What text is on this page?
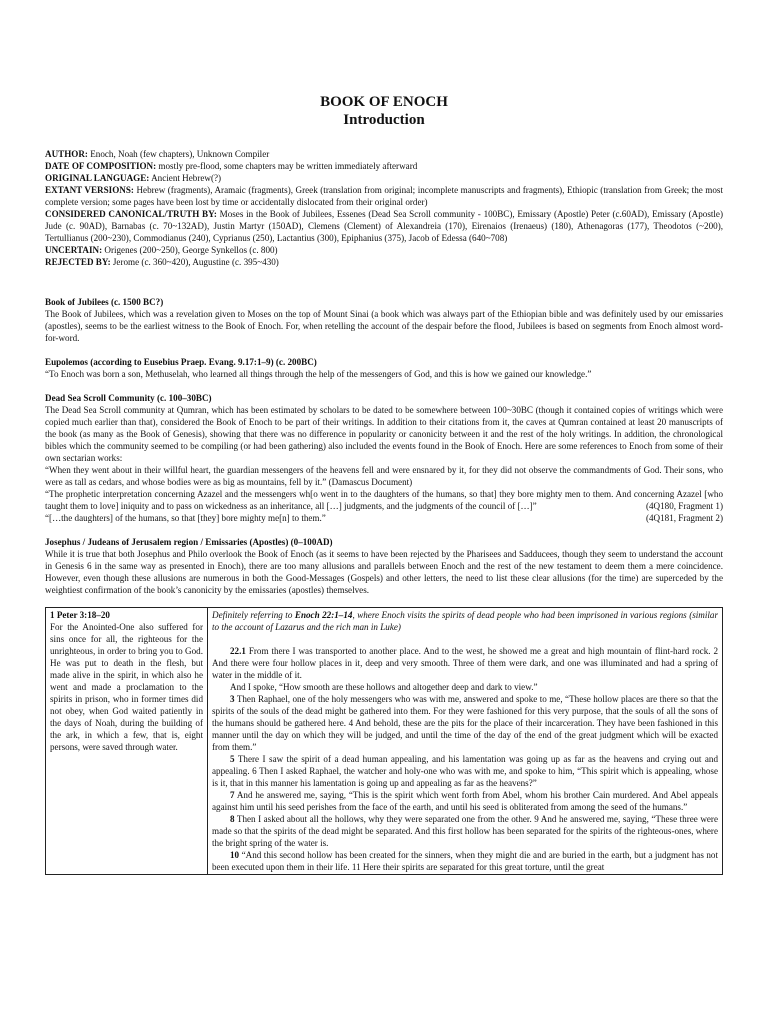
BOOK OF ENOCH
Introduction

AUTHOR: Enoch, Noah (few chapters), Unknown Compiler

DATE OF COMPOSITION: mostly pre-flood, some chapters may be written immediately afterward

ORIGINAL LANGUAGE: Ancient Hebrew(?)

EXTANT VERSIONS: Hebrew (fragments), Aramaic (fragments), Greek (translation from original; incomplete manuscripts and fragments), Ethiopic (translation from Greek; the most complete version; some pages have been lost by time or accidentally dislocated from their original order)

CONSIDERED CANONICAL/TRUTH BY: Moses in the Book of Jubilees, Essenes (Dead Sea Scroll community - 100BC), Emissary (Apostle) Peter (c.60AD), Emissary (Apostle) Jude (c. 90AD), Barnabas (c. 70~132AD), Justin Martyr (150AD), Clemens (Clement) of Alexandreia (170), Eirenaios (Irenaeus) (180), Athenagoras (177), Theodotos (~200), Tertullianus (200~230), Commodianus (240), Cyprianus (250), Lactantius (300), Epiphanius (375), Jacob of Edessa (640~708)

UNCERTAIN: Origenes (200~250), George Synkellos (c. 800)

REJECTED BY: Jerome (c. 360~420), Augustine (c. 395~430)

Book of Jubilees (c. 1500 BC?)

The Book of Jubilees, which was a revelation given to Moses on the top of Mount Sinai (a book which was always part of the Ethiopian bible and was definitely used by our emissaries (apostles), seems to be the earliest witness to the Book of Enoch. For, when retelling the account of the despair before the flood, Jubilees is based on segments from Enoch almost word-for-word.

Eupolemos (according to Eusebius Praep. Evang. 9.17:1–9) (c. 200BC)

“To Enoch was born a son, Methuselah, who learned all things through the help of the messengers of God, and this is how we gained our knowledge.”

Dead Sea Scroll Community (c. 100–30BC)

The Dead Sea Scroll community at Qumran, which has been estimated by scholars to be dated to be somewhere between 100~30BC (though it contained copies of writings which were copied much earlier than that), considered the Book of Enoch to be part of their writings. In addition to their citations from it, the caves at Qumran contained at least 20 manuscripts of the book (as many as the Book of Genesis), showing that there was no difference in popularity or canonicity between it and the rest of the holy writings. In addition, the chronological bibles which the community seemed to be compiling (or had been gathering) also included the events found in the Book of Enoch. Here are some references to Enoch from some of their own sectarian works:

“When they went about in their willful heart, the guardian messengers of the heavens fell and were ensnared by it, for they did not observe the commandments of God. Their sons, who were as tall as cedars, and whose bodies were as big as mountains, fell by it.” (Damascus Document)

“The prophetic interpretation concerning Azazel and the messengers wh[o went in to the daughters of the humans, so that] they bore mighty men to them. And concerning Azazel [who taught them to love] iniquity and to pass on wickedness as an inheritance, all […] judgments, and the judgments of the council of […]”	(4Q180, Fragment 1)

“[…the daughters] of the humans, so that [they] bore mighty me[n] to them.”	(4Q181, Fragment 2)

Josephus / Judeans of Jerusalem region / Emissaries (Apostles) (0–100AD)

While it is true that both Josephus and Philo overlook the Book of Enoch (as it seems to have been rejected by the Pharisees and Sadducees, though they seem to understand the account in Genesis 6 in the same way as presented in Enoch), there are too many allusions and parallels between Enoch and the rest of the new testament to deem them a mere coincidence. However, even though these allusions are numerous in both the Good-Messages (Gospels) and other letters, the need to list these clear allusions (for the time) are superceded by the weightiest confirmation of the book’s canonicity by the emissaries (apostles) themselves.

1 Peter 3:18–20
For the Anointed-One also suffered for sins once for all, the righteous for the unrighteous, in order to bring you to God. He was put to death in the flesh, but made alive in the spirit, in which also he went and made a proclamation to the spirits in prison, who in former times did not obey, when God waited patiently in the days of Noah, during the building of the ark, in which a few, that is, eight persons, were saved through water.	Definitely referring to Enoch 22:1–14, where Enoch visits the spirits of dead people who had been imprisoned in various regions (similar to the account of Lazarus and the rich man in Luke)
22.1 From there I was transported to another place. And to the west, he showed me a great and high mountain of flint-hard rock. 2 And there were four hollow places in it, deep and very smooth. Three of them were dark, and one was illuminated and had a spring of water in the middle of it.
And I spoke, “How smooth are these hollows and altogether deep and dark to view.”
3 Then Raphael, one of the holy messengers who was with me, answered and spoke to me, “These hollow places are there so that the spirits of the souls of the dead might be gathered into them. For they were fashioned for this very purpose, that the souls of all the sons of the humans should be gathered here. 4 And behold, these are the pits for the place of their incarceration. They have been fashioned in this manner until the day on which they will be judged, and until the time of the day of the end of the great judgment which will be exacted from them.”
5 There I saw the spirit of a dead human appealing, and his lamentation was going up as far as the heavens and crying out and appealing. 6 Then I asked Raphael, the watcher and holy-one who was with me, and spoke to him, “This spirit which is appealing, whose is it, that in this manner his lamentation is going up and appealing as far as the heavens?”
7 And he answered me, saying, “This is the spirit which went forth from Abel, whom his brother Cain murdered. And Abel appeals against him until his seed perishes from the face of the earth, and until his seed is obliterated from among the seed of the humans.”
8 Then I asked about all the hollows, why they were separated one from the other. 9 And he answered me, saying, “These three were made so that the spirits of the dead might be separated. And this first hollow has been separated for the spirits of the righteous-ones, where the bright spring of the water is.
10 “And this second hollow has been created for the sinners, when they might die and are buried in the earth, but a judgment has not been executed upon them in their life. 11 Here their spirits are separated for this great torture, until the great
